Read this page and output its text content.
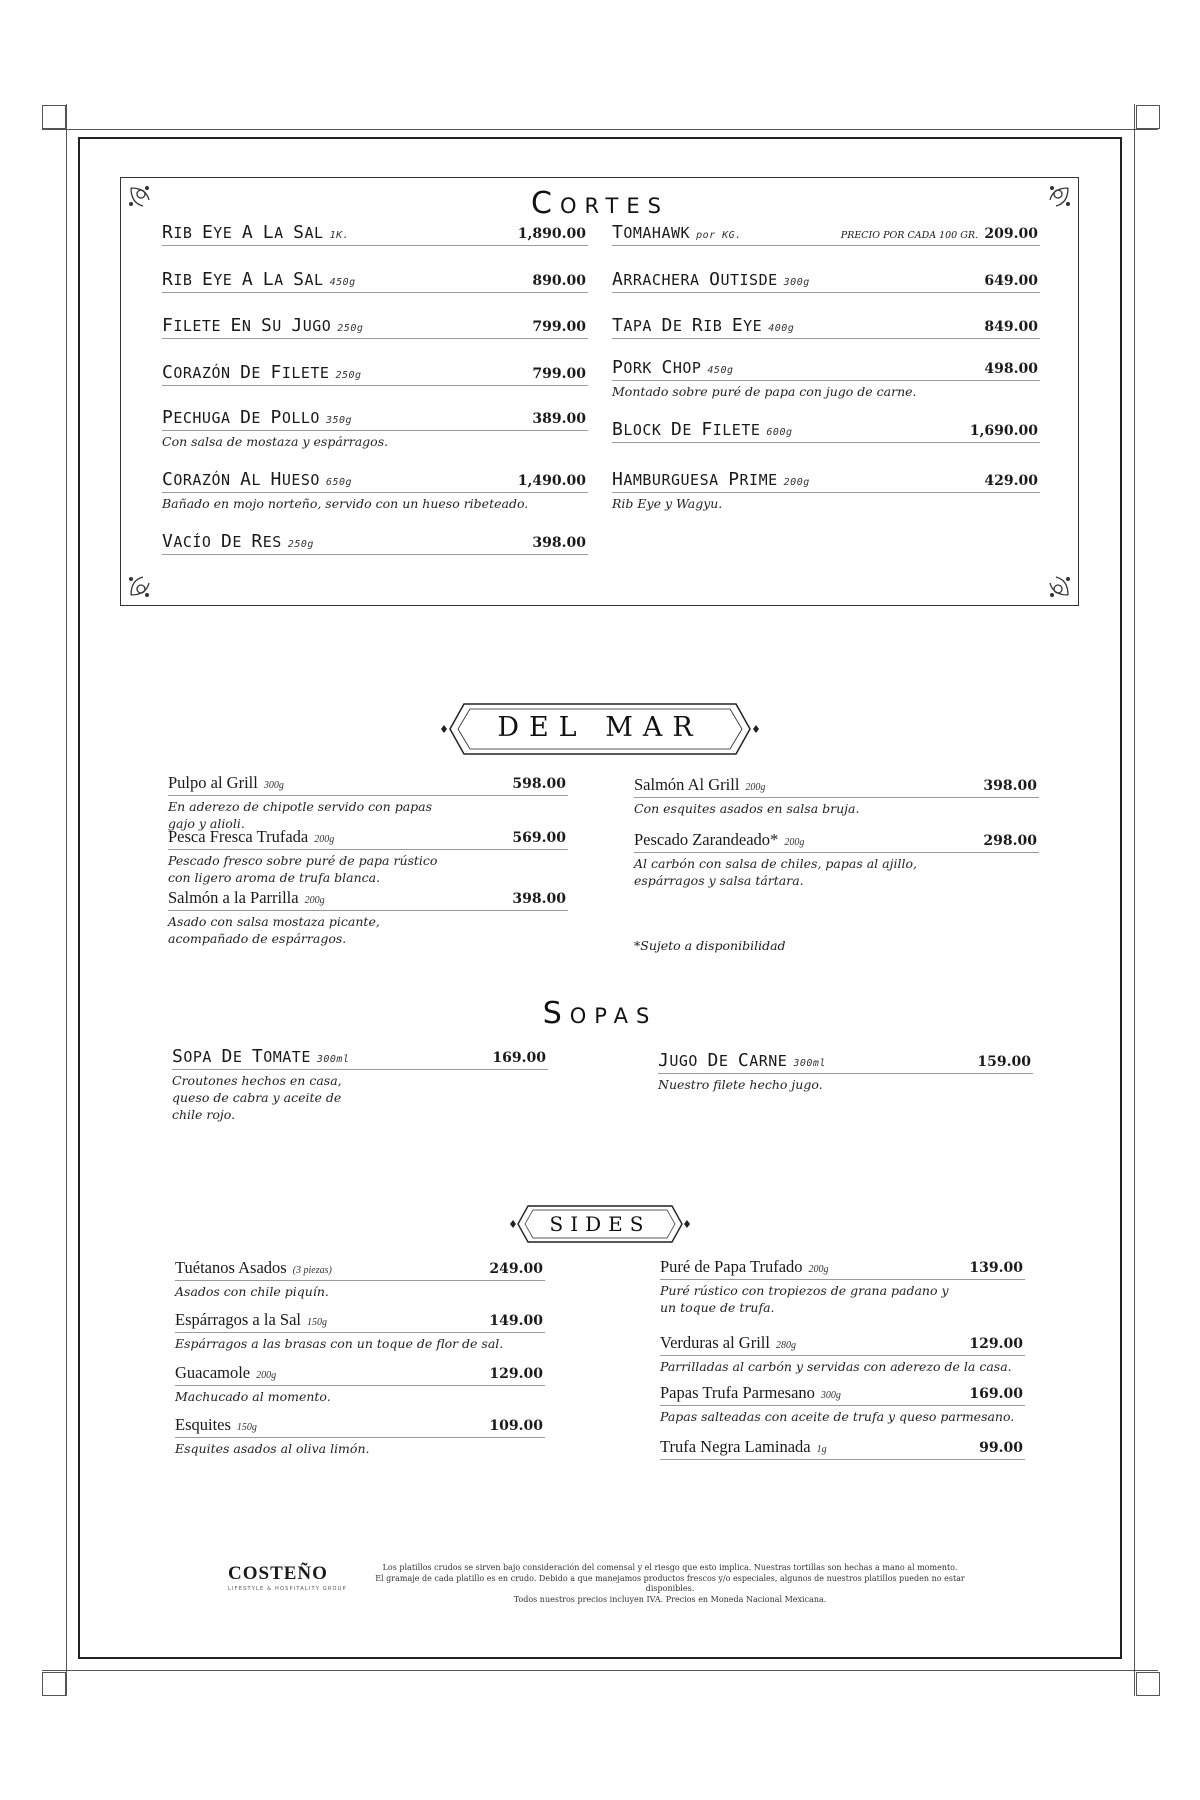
Cortes
RIB EYE A LA SAL 1K.	1,890.00
RIB EYE A LA SAL 450g	890.00
FILETE EN SU JUGO 250g	799.00
CORAZÓN DE FILETE 250g	799.00
PECHUGA DE POLLO 350g	389.00
Con salsa de mostaza y espárragos.
CORAZÓN AL HUESO 650g	1,490.00
Bañado en mojo norteño, servido con un hueso ribeteado.
VACÍO DE RES 250g	398.00
TOMAHAWK por KG.	PRECIO POR CADA 100 GR. 209.00
ARRACHERA OUTISDE 300g	649.00
TAPA DE RIB EYE 400g	849.00
PORK CHOP 450g	498.00
Montado sobre puré de papa con jugo de carne.
BLOCK DE FILETE 600g	1,690.00
HAMBURGUESA PRIME 200g	429.00
Rib Eye y Wagyu.
DEL MAR
Pulpo al Grill 300g	598.00
En aderezo de chipotle servido con papas gajo y alioli.
Pesca Fresca Trufada 200g	569.00
Pescado fresco sobre puré de papa rústico con ligero aroma de trufa blanca.
Salmón a la Parrilla 200g	398.00
Asado con salsa mostaza picante, acompañado de espárragos.
Salmón Al Grill 200g	398.00
Con esquites asados en salsa bruja.
Pescado Zarandeado* 200g	298.00
Al carbón con salsa de chiles, papas al ajillo, espárragos y salsa tártara.
*Sujeto a disponibilidad
Sopas
SOPA DE TOMATE 300ml	169.00
Croutones hechos en casa, queso de cabra y aceite de chile rojo.
JUGO DE CARNE 300ml	159.00
Nuestro filete hecho jugo.
SIDES
Tuétanos Asados (3 piezas)	249.00
Asados con chile piquín.
Espárragos a la Sal 150g	149.00
Espárragos a las brasas con un toque de flor de sal.
Guacamole 200g	129.00
Machucado al momento.
Esquites 150g	109.00
Esquites asados al oliva limón.
Puré de Papa Trufado 200g	139.00
Puré rústico con tropiezos de grana padano y un toque de trufa.
Verduras al Grill 280g	129.00
Parrilladas al carbón y servidas con aderezo de la casa.
Papas Trufa Parmesano 300g	169.00
Papas salteadas con aceite de trufa y queso parmesano.
Trufa Negra Laminada 1g	99.00
COSTEÑO
LIFESTYLE & HOSPITALITY GROUP
Los platillos crudos se sirven bajo consideración del comensal y el riesgo que esto implica. Nuestras tortillas son hechas a mano al momento.
El gramaje de cada platillo es en crudo. Debido a que manejamos productos frescos y/o especiales, algunos de nuestros platillos pueden no estar disponibles.
Todos nuestros precios incluyen IVA. Precios en Moneda Nacional Mexicana.
